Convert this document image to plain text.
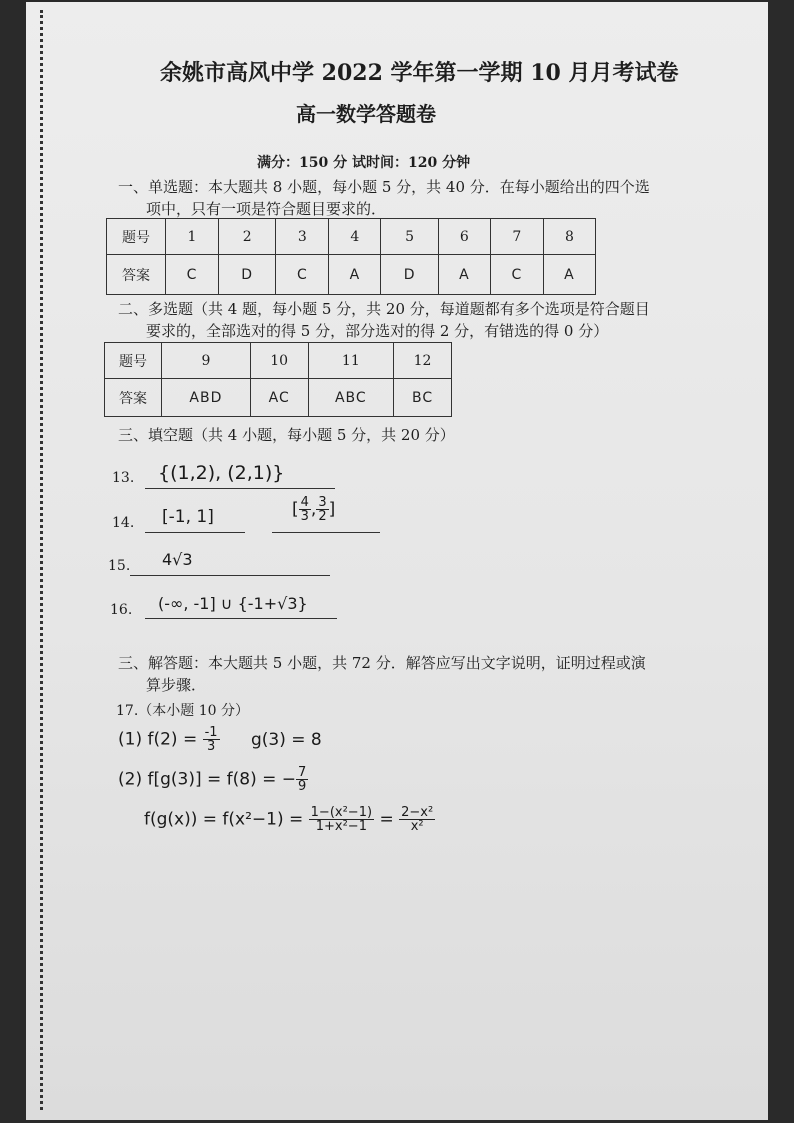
余姚市高风中学 2022 学年第一学期 10 月月考试卷
高一数学答题卷
满分：150 分 试时间：120 分钟
一、单选题：本大题共 8 小题，每小题 5 分，共 40 分．在每小题给出的四个选
项中，只有一项是符合题目要求的．
题号	1	2	3	4	5	6	7	8
答案	C	D	C	A	D	A	C	A
二、多选题（共 4 题，每小题 5 分，共 20 分，每道题都有多个选项是符合题目
要求的，全部选对的得 5 分，部分选对的得 2 分，有错选的得 0 分）
题号	9	10	11	12
答案	ABD	AC	ABC	BC
三、填空题（共 4 小题，每小题 5 分，共 20 分）
13. {(1,2), (2,1)}
14. [-1, 1]	[ $\frac{4}{3}$ , $\frac{3}{2}$ ]
15. 4√3
16. (-∞, -1] ∪ {-1+√3}
三、解答题：本大题共 5 小题，共 72 分．解答应写出文字说明，证明过程或演
算步骤．
17.（本小题 10 分）
(1) $f(2) = \frac{-1}{3} g(3) = 8$
(2) f[g(3)] = f(8) = − $\frac{7}{9}$
$f(g(x)) = f(x^2-1) = \frac{\text{1−(x²−1)}}{\text{1+x²−1}} = \frac{\text{2−x²}}{\text{x²}}$
